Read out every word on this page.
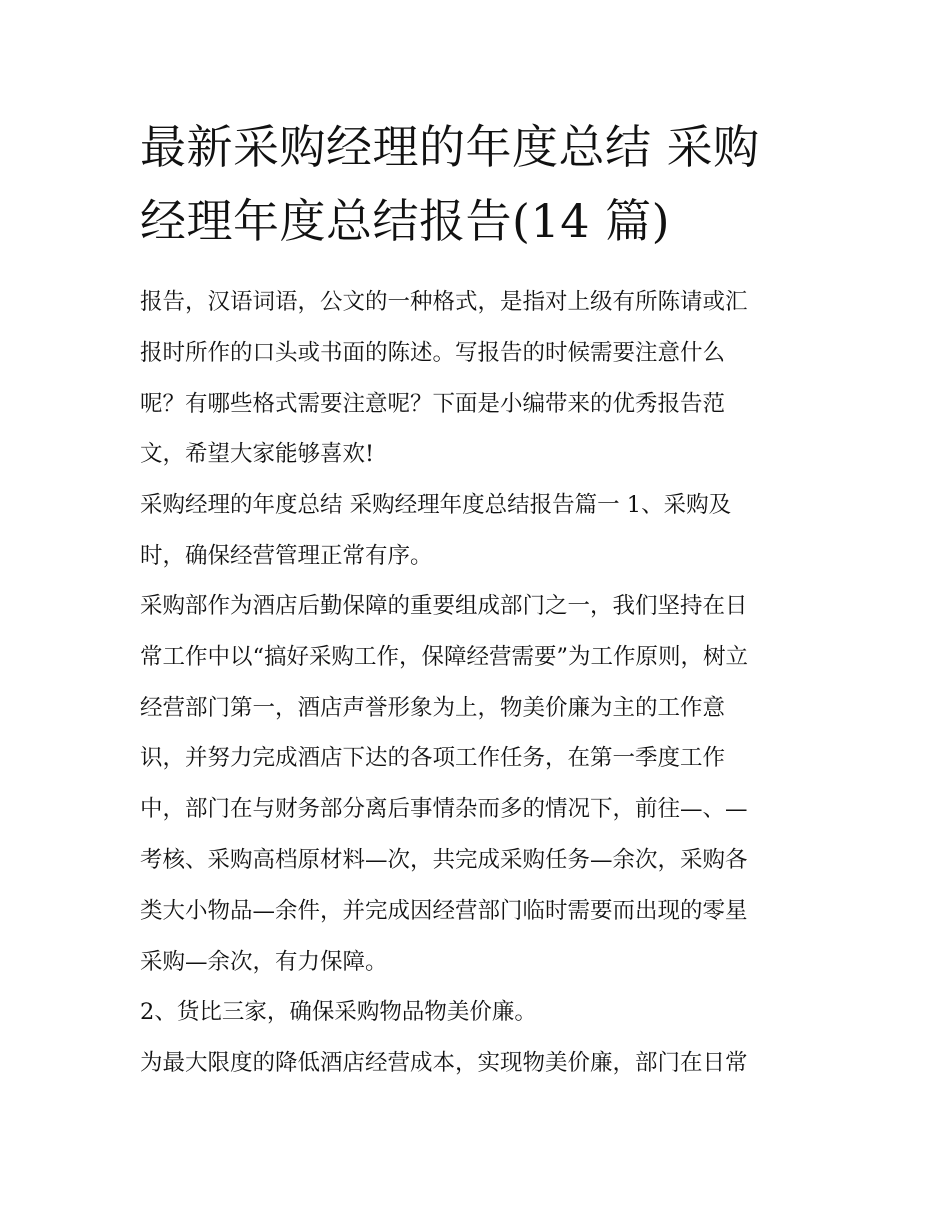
最新采购经理的年度总结 采购
经理年度总结报告(14 篇)
报告，汉语词语，公文的一种格式，是指对上级有所陈请或汇
报时所作的口头或书面的陈述。写报告的时候需要注意什么
呢？有哪些格式需要注意呢？下面是小编带来的优秀报告范
文，希望大家能够喜欢!
采购经理的年度总结 采购经理年度总结报告篇一 1、采购及
时，确保经营管理正常有序。
采购部作为酒店后勤保障的重要组成部门之一，我们坚持在日
常工作中以“搞好采购工作，保障经营需要”为工作原则，树立
经营部门第一，酒店声誉形象为上，物美价廉为主的工作意
识，并努力完成酒店下达的各项工作任务，在第一季度工作
中，部门在与财务部分离后事情杂而多的情况下，前往—、—
考核、采购高档原材料—次，共完成采购任务—余次，采购各
类大小物品—余件，并完成因经营部门临时需要而出现的零星
采购—余次，有力保障。
2、货比三家，确保采购物品物美价廉。
为最大限度的降低酒店经营成本，实现物美价廉，部门在日常
